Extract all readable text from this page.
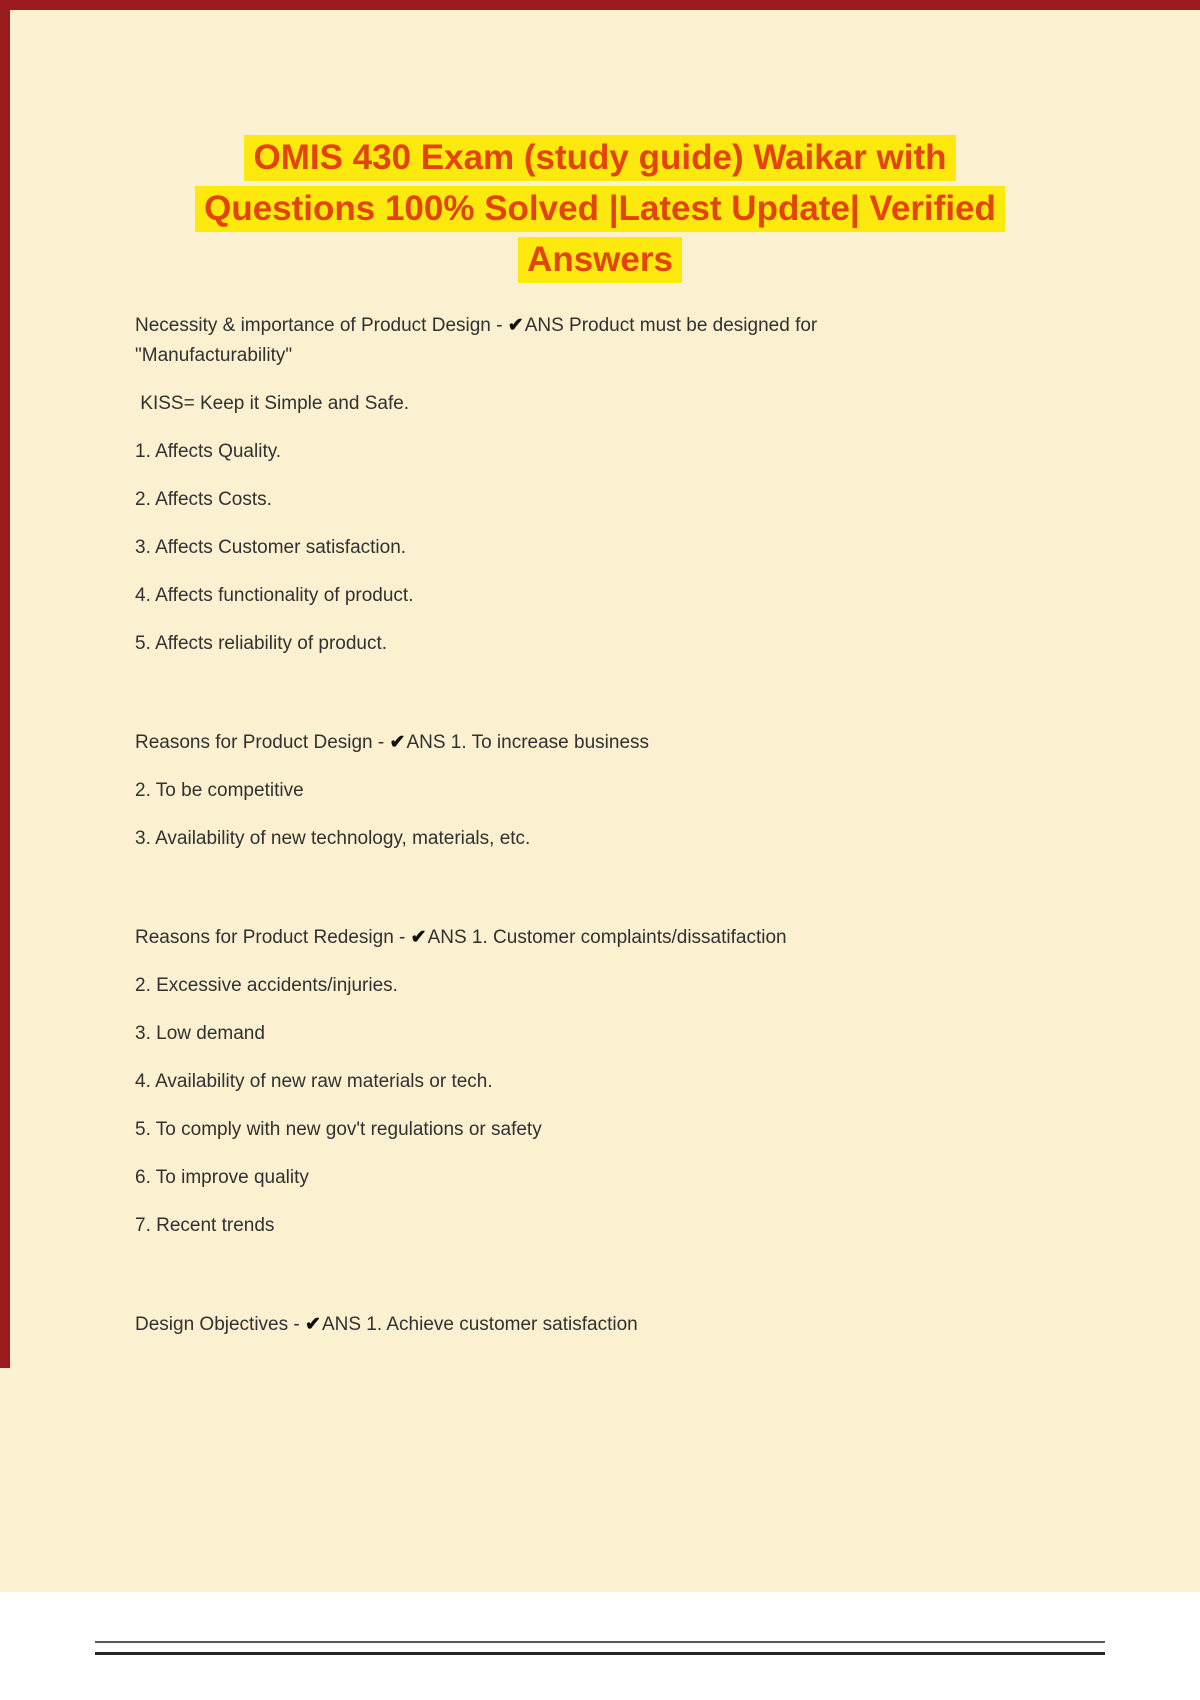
OMIS 430 Exam (study guide) Waikar with
Questions 100% Solved |Latest Update| Verified
Answers

Necessity & importance of Product Design - ✔ANS Product must be designed for "Manufacturability"

KISS= Keep it Simple and Safe.

1. Affects Quality.

2. Affects Costs.

3. Affects Customer satisfaction.

4. Affects functionality of product.

5. Affects reliability of product.

Reasons for Product Design - ✔ANS 1. To increase business

2. To be competitive

3. Availability of new technology, materials, etc.

Reasons for Product Redesign - ✔ANS 1. Customer complaints/dissatifaction

2. Excessive accidents/injuries.

3. Low demand

4. Availability of new raw materials or tech.

5. To comply with new gov't regulations or safety

6. To improve quality

7. Recent trends

Design Objectives - ✔ANS 1. Achieve customer satisfaction
